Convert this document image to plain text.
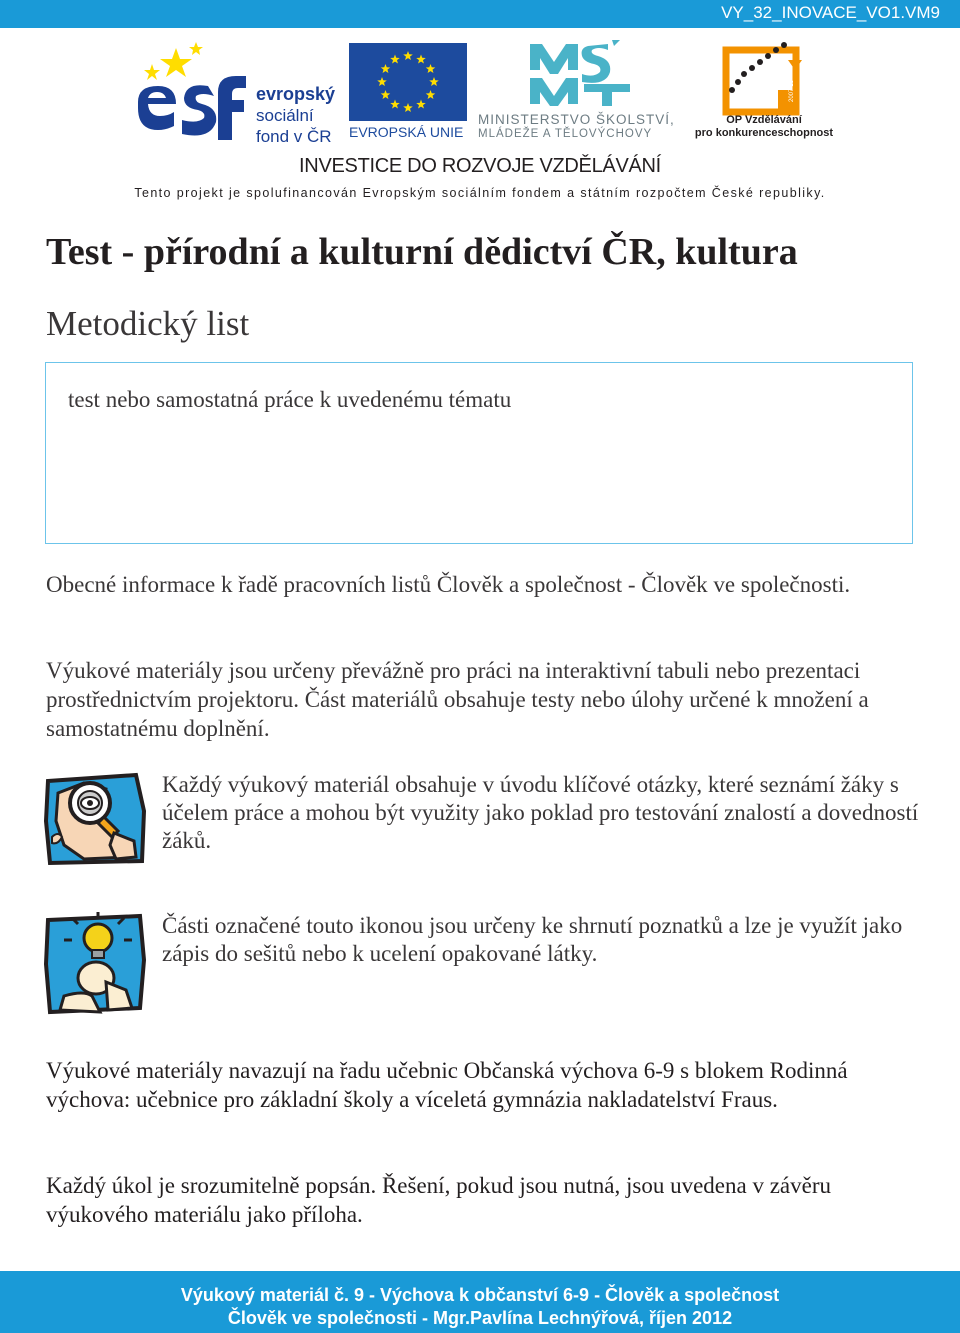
VY_32_INOVACE_VO1.VM9
evropský
sociální
fond v ČR EVROPSKÁ UNIE
MINISTERSTVO ŠKOLSTVÍ,
MLÁDEŽE A TĚLOVÝCHOVY
2007-13
OP Vzdělávání
pro konkurenceschopnost
INVESTICE DO ROZVOJE VZDĚLÁVÁNÍ
Tento projekt je spolufinancován Evropským sociálním fondem a státním rozpočtem České republiky.
Test - přírodní a kulturní dědictví ČR, kultura
Metodický list

test nebo samostatná práce k uvedenému tématu

Obecné informace k řadě pracovních listů Člověk a společnost - Člověk ve společnosti.

Výukové materiály jsou určeny převážně pro práci na interaktivní tabuli nebo prezentaci prostřednictvím projektoru. Část materiálů obsahuje testy nebo úlohy určené k množení a samostatnému doplnění.

Každý výukový materiál obsahuje v úvodu klíčové otázky, které seznámí žáky s účelem práce a mohou být využity jako poklad pro testování znalostí a dovedností žáků.

Části označené touto ikonou jsou určeny ke shrnutí poznatků a lze je využít jako zápis do sešitů nebo k ucelení opakované látky.

Výukové materiály navazují na řadu učebnic Občanská výchova 6-9 s blokem Rodinná výchova: učebnice pro základní školy a víceletá gymnázia nakladatelství Fraus.

Každý úkol je srozumitelně popsán. Řešení, pokud jsou nutná, jsou uvedena v závěru výukového materiálu jako příloha.

Výukový materiál č. 9 - Výchova k občanství 6-9 - Člověk a společnost
Člověk ve společnosti - Mgr.Pavlína Lechnýřová, říjen 2012
